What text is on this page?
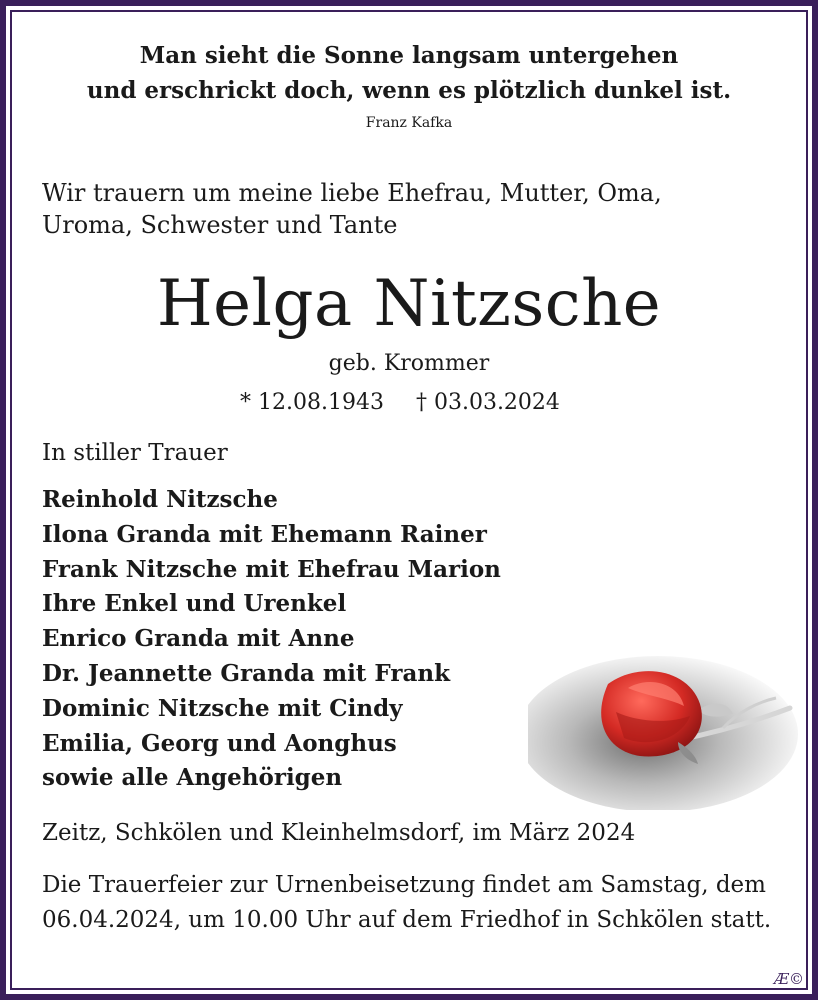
Man sieht die Sonne langsam untergehen
und erschrickt doch, wenn es plötzlich dunkel ist.
Franz Kafka
Wir trauern um meine liebe Ehefrau, Mutter, Oma,
Uroma, Schwester und Tante
Helga Nitzsche
geb. Krommer
* 12.08.1943 † 03.03.2024
In stiller Trauer
Reinhold Nitzsche
Ilona Granda mit Ehemann Rainer
Frank Nitzsche mit Ehefrau Marion
Ihre Enkel und Urenkel
Enrico Granda mit Anne
Dr. Jeannette Granda mit Frank
Dominic Nitzsche mit Cindy
Emilia, Georg und Aonghus
sowie alle Angehörigen
Zeitz, Schkölen und Kleinhelmsdorf, im März 2024
Die Trauerfeier zur Urnenbeisetzung findet am Samstag, dem 06.04.2024, um 10.00 Uhr auf dem Friedhof in Schkölen statt.
Æ©
